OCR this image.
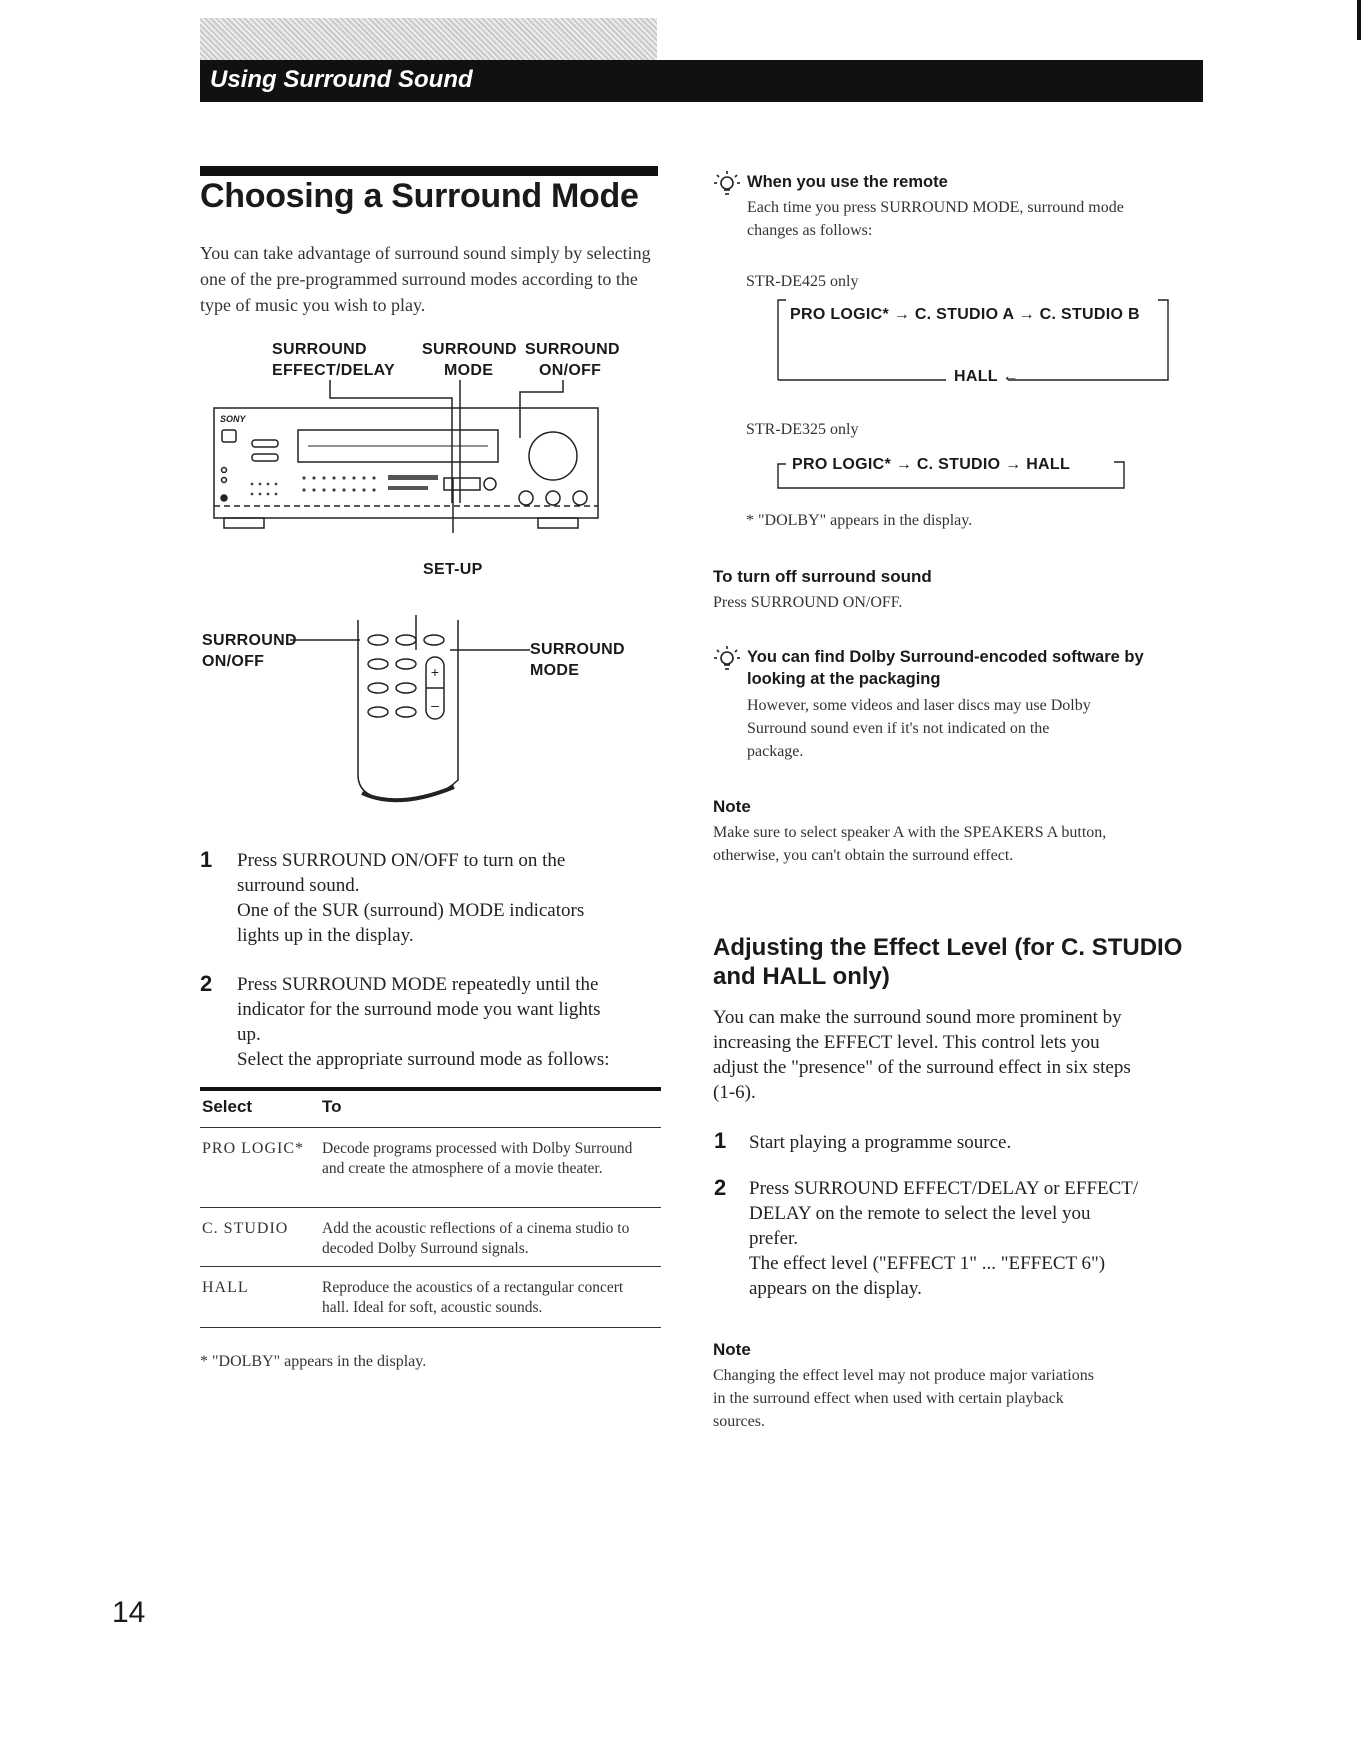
Using Surround Sound
Choosing a Surround Mode
You can take advantage of surround sound simply by selecting one of the pre-programmed surround modes according to the type of music you wish to play.
SURROUND
EFFECT/DELAY
SURROUND
MODE
SURROUND
ON/OFF
SONY
SET-UP
SURROUND
ON/OFF
SURROUND
MODE
+
–
1 Press SURROUND ON/OFF to turn on the
surround sound.
One of the SUR (surround) MODE indicators
lights up in the display.
2 Press SURROUND MODE repeatedly until the
indicator for the surround mode you want lights
up.
Select the appropriate surround mode as follows:
Select	To
PRO LOGIC* Decode programs processed with Dolby Surround and create the atmosphere of a movie theater.
C. STUDIO Add the acoustic reflections of a cinema studio to decoded Dolby Surround signals.
HALL	Reproduce the acoustics of a rectangular concert hall. Ideal for soft, acoustic sounds.
* "DOLBY" appears in the display.
When you use the remote
Each time you press SURROUND MODE, surround mode changes as follows:
STR-DE425 only
PRO LOGIC* → C. STUDIO A → C. STUDIO B
HALL ←
STR-DE325 only
PRO LOGIC* → C. STUDIO → HALL
* "DOLBY" appears in the display.
To turn off surround sound
Press SURROUND ON/OFF.
You can find Dolby Surround-encoded software by
looking at the packaging
However, some videos and laser discs may use Dolby
Surround sound even if it's not indicated on the
package.
Note
Make sure to select speaker A with the SPEAKERS A button,
otherwise, you can't obtain the surround effect.
Adjusting the Effect Level (for C. STUDIO
and HALL only)
You can make the surround sound more prominent by
increasing the EFFECT level. This control lets you
adjust the "presence" of the surround effect in six steps
(1-6).
1 Start playing a programme source.
2 Press SURROUND EFFECT/DELAY or EFFECT/
DELAY on the remote to select the level you
prefer.
The effect level ("EFFECT 1" ... "EFFECT 6")
appears on the display.
Note
Changing the effect level may not produce major variations
in the surround effect when used with certain playback
sources.
14
